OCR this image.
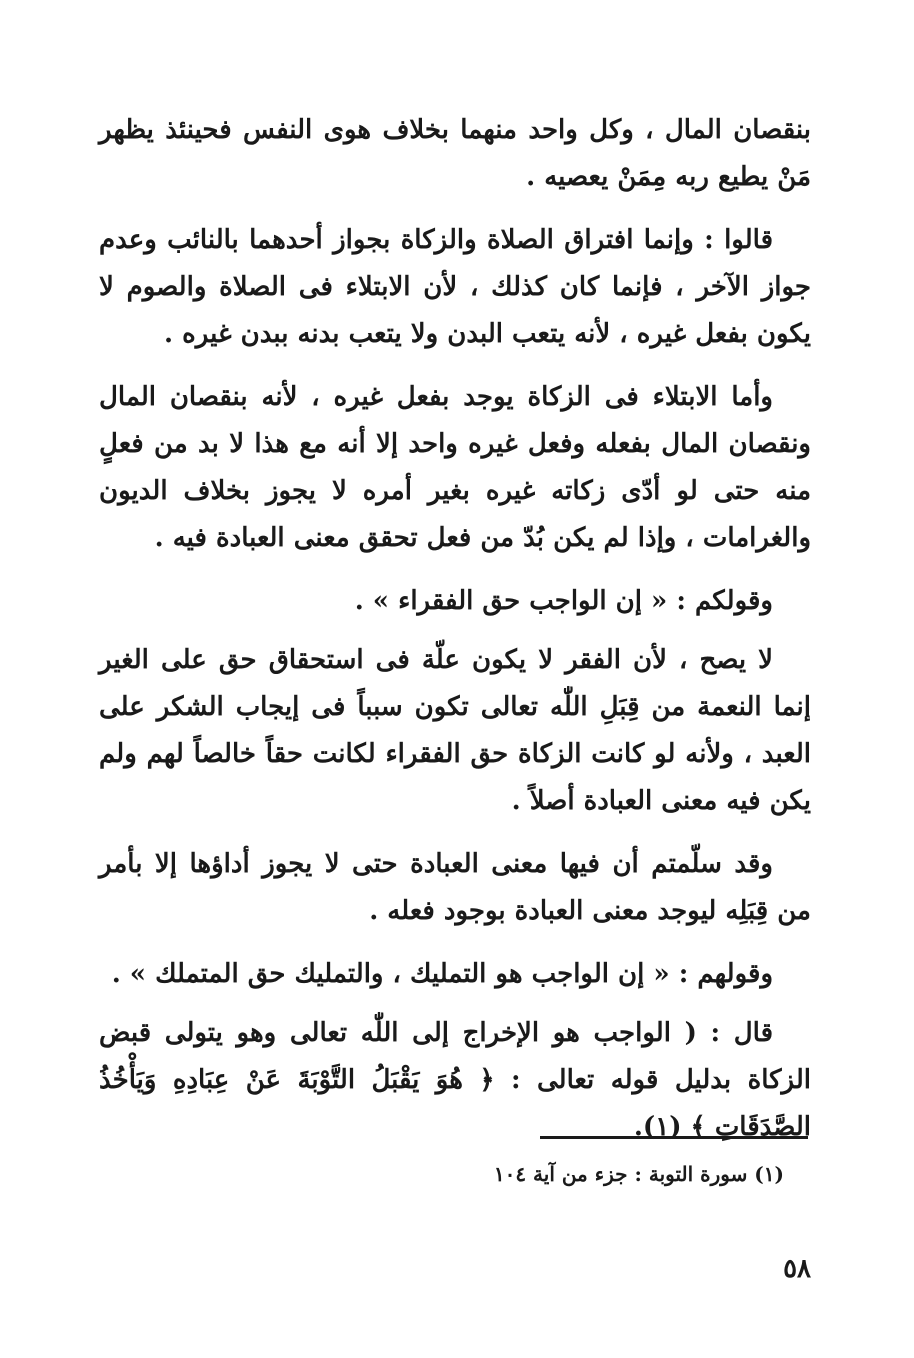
بنقصان المال ، وكل واحد منهما بخلاف هوى النفس فحينئذ يظهر مَنْ يطيع ربه مِمَنْ يعصيه .

قالوا : وإنما افتراق الصلاة والزكاة بجواز أحدهما بالنائب وعدم جواز الآخر ، فإنما كان كذلك ، لأن الابتلاء فى الصلاة والصوم لا يكون بفعل غيره ، لأنه يتعب البدن ولا يتعب بدنه ببدن غيره .

وأما الابتلاء فى الزكاة يوجد بفعل غيره ، لأنه بنقصان المال ونقصان المال بفعله وفعل غيره واحد إلا أنه مع هذا لا بد من فعلٍ منه حتى لو أدّى زكاته غيره بغير أمره لا يجوز بخلاف الديون والغرامات ، وإذا لم يكن بُدّ من فعل تحقق معنى العبادة فيه .

وقولكم : « إن الواجب حق الفقراء » .

لا يصح ، لأن الفقر لا يكون علّة فى استحقاق حق على الغير إنما النعمة من قِبَلِ اللّٰه تعالى تكون سبباً فى إيجاب الشكر على العبد ، ولأنه لو كانت الزكاة حق الفقراء لكانت حقاً خالصاً لهم ولم يكن فيه معنى العبادة أصلاً .

وقد سلّمتم أن فيها معنى العبادة حتى لا يجوز أداؤها إلا بأمر من قِبَلِه ليوجد معنى العبادة بوجود فعله .

وقولهم : « إن الواجب هو التمليك ، والتمليك حق المتملك » .

قال : ( الواجب هو الإخراج إلى اللّٰه تعالى وهو يتولى قبض الزكاة بدليل قوله تعالى : ﴿ هُوَ يَقْبَلُ التَّوْبَةَ عَنْ عِبَادِهِ وَيَأْخُذُ الصَّدَقَاتِ ﴾ (١).

(١) سورة التوبة : جزء من آية ١٠٤
٥٨
